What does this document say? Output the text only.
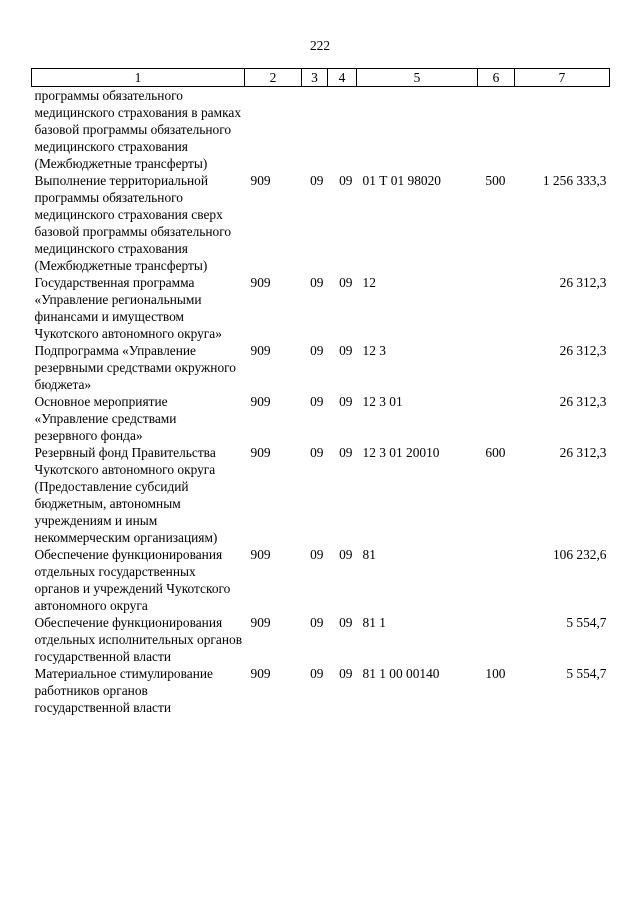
222
1	2	3	4	5	6	7
программы обязательного медицинского страхования в рамках базовой программы обязательного медицинского страхования (Межбюджетные трансферты)						
Выполнение территориальной программы обязательного медицинского страхования сверх базовой программы обязательного медицинского страхования (Межбюджетные трансферты)	909	09	09	01 Т 01 98020	500	1 256 333,3
Государственная программа «Управление региональными финансами и имуществом Чукотского автономного округа»	909	09	09	12		26 312,3
Подпрограмма «Управление резервными средствами окружного бюджета»	909	09	09	12 3		26 312,3
Основное мероприятие «Управление средствами резервного фонда»	909	09	09	12 3 01		26 312,3
Резервный фонд Правительства Чукотского автономного округа (Предоставление субсидий бюджетным, автономным учреждениям и иным некоммерческим организациям)	909	09	09	12 3 01 20010	600	26 312,3
Обеспечение функционирования отдельных государственных органов и учреждений Чукотского автономного округа	909	09	09	81		106 232,6
Обеспечение функционирования отдельных исполнительных органов государственной власти	909	09	09	81 1		5 554,7
Материальное стимулирование работников органов государственной власти	909	09	09	81 1 00 00140	100	5 554,7
